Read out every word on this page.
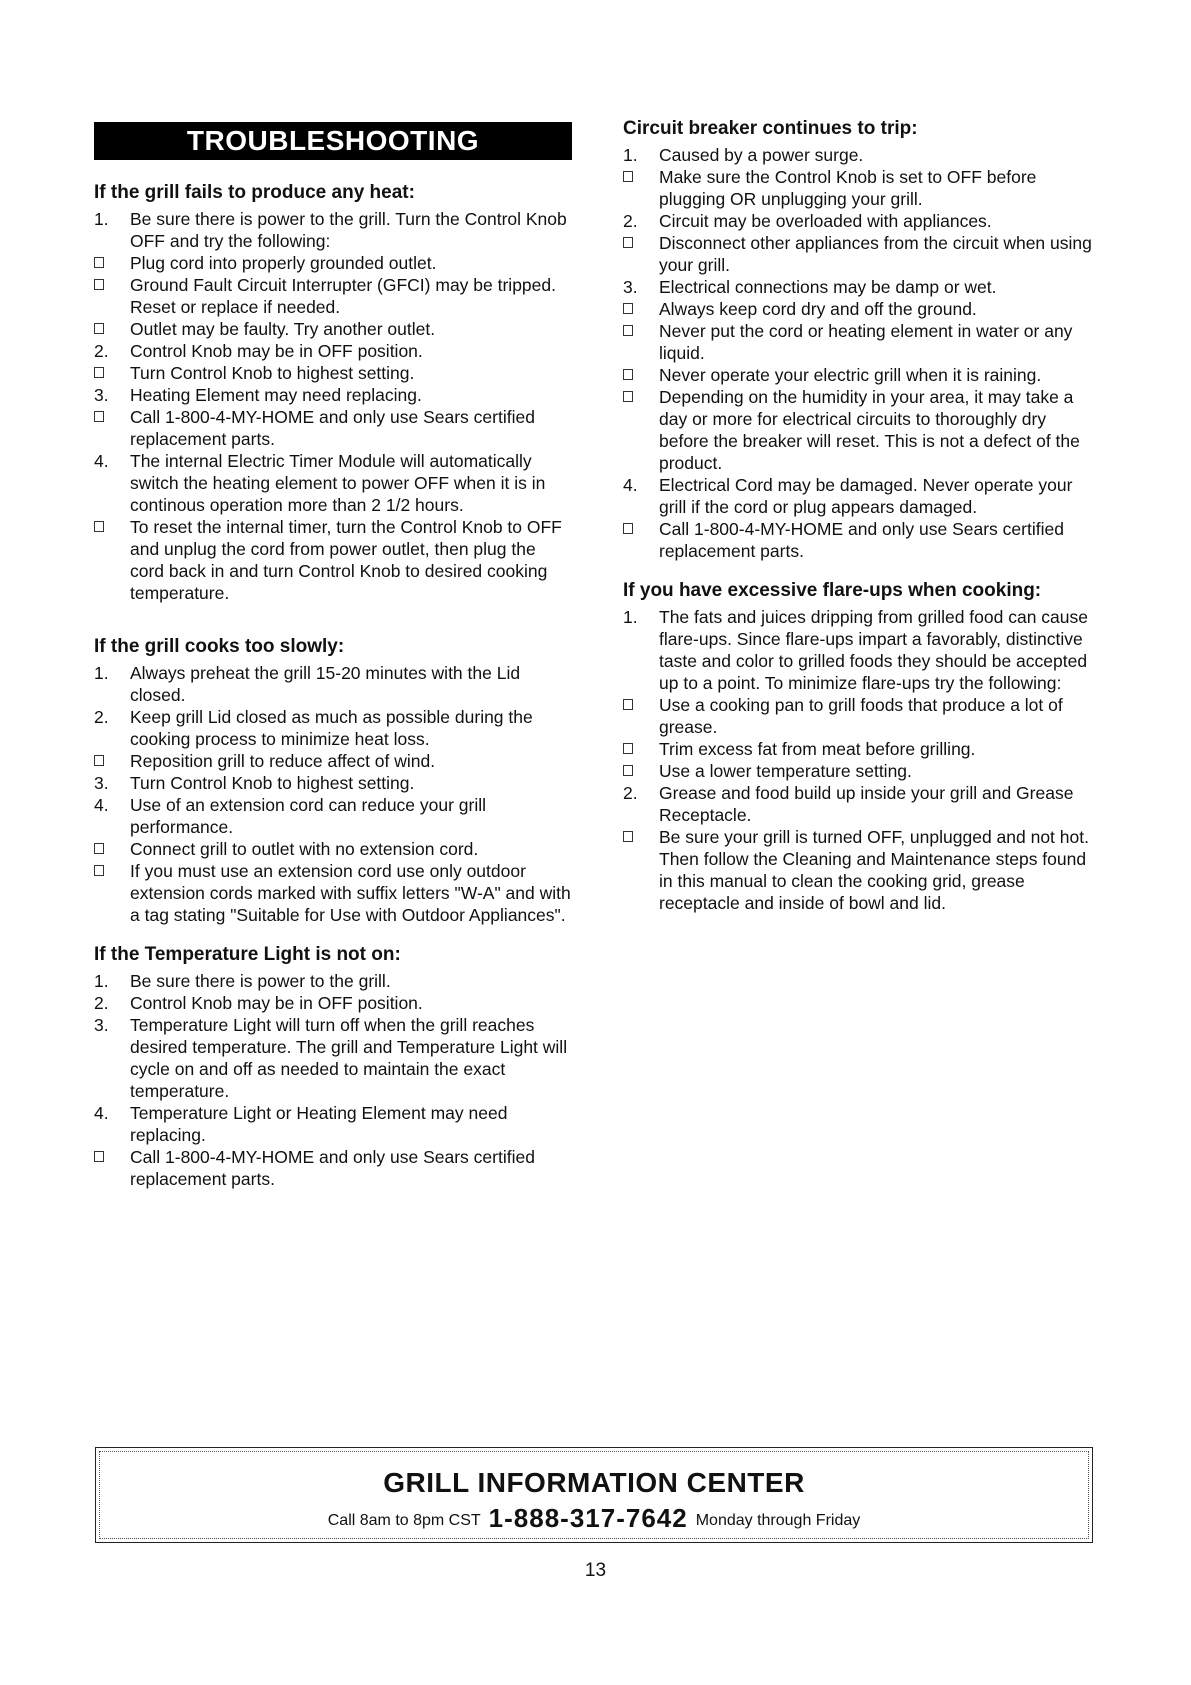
TROUBLESHOOTING
If the grill fails to produce any heat:
1.	Be sure there is power to the grill. Turn the Control Knob OFF and try the following:
Plug cord into properly grounded outlet.
Ground Fault Circuit Interrupter (GFCI) may be tripped. Reset or replace if needed.
Outlet may be faulty. Try another outlet.
2.	Control Knob may be in OFF position.
Turn Control Knob to highest setting.
3.	Heating Element may need replacing.
Call 1-800-4-MY-HOME and only use Sears certified replacement parts.
4.	The internal Electric Timer Module will automatically switch the heating element to power OFF when it is in continous operation more than 2 1/2 hours.
To reset the internal timer, turn the Control Knob to OFF and unplug the cord from power outlet, then plug the cord back in and turn Control Knob to desired cooking temperature.
If the grill cooks too slowly:
1.	Always preheat the grill 15-20 minutes with the Lid closed.
2.	Keep grill Lid closed as much as possible during the cooking process to minimize heat loss.
Reposition grill to reduce affect of wind.
3.	Turn Control Knob to highest setting.
4.	Use of an extension cord can reduce your grill performance.
Connect grill to outlet with no extension cord.
If you must use an extension cord use only outdoor extension cords marked with suffix letters "W-A" and with a tag stating "Suitable for Use with Outdoor Appliances".
If the Temperature Light is not on:
1.	Be sure there is power to the grill.
2.	Control Knob may be in OFF position.
3.	Temperature Light will turn off when the grill reaches desired temperature. The grill and Temperature Light will cycle on and off as needed to maintain the exact temperature.
4.	Temperature Light or Heating Element may need replacing.
Call 1-800-4-MY-HOME and only use Sears certified replacement parts.
Circuit breaker continues to trip:
1.	Caused by a power surge.
Make sure the Control Knob is set to OFF before plugging OR unplugging your grill.
2.	Circuit may be overloaded with appliances.
Disconnect other appliances from the circuit when using your grill.
3.	Electrical connections may be damp or wet.
Always keep cord dry and off the ground.
Never put the cord or heating element in water or any liquid.
Never operate your electric grill when it is raining.
Depending on the humidity in your area, it may take a day or more for electrical circuits to thoroughly dry before the breaker will reset. This is not a defect of the product.
4.	Electrical Cord may be damaged. Never operate your grill if the cord or plug appears damaged.
Call 1-800-4-MY-HOME and only use Sears certified replacement parts.
If you have excessive flare-ups when cooking:
1.	The fats and juices dripping from grilled food can cause flare-ups. Since flare-ups impart a favorably, distinctive taste and color to grilled foods they should be accepted up to a point. To minimize flare-ups try the following:
Use a cooking pan to grill foods that produce a lot of grease.
Trim excess fat from meat before grilling.
Use a lower temperature setting.
2.	Grease and food build up inside your grill and Grease Receptacle.
Be sure your grill is turned OFF, unplugged and not hot. Then follow the Cleaning and Maintenance steps found in this manual to clean the cooking grid, grease receptacle and inside of bowl and lid.
GRILL INFORMATION CENTER
Call 8am to 8pm CST 1-888-317-7642 Monday through Friday
13
